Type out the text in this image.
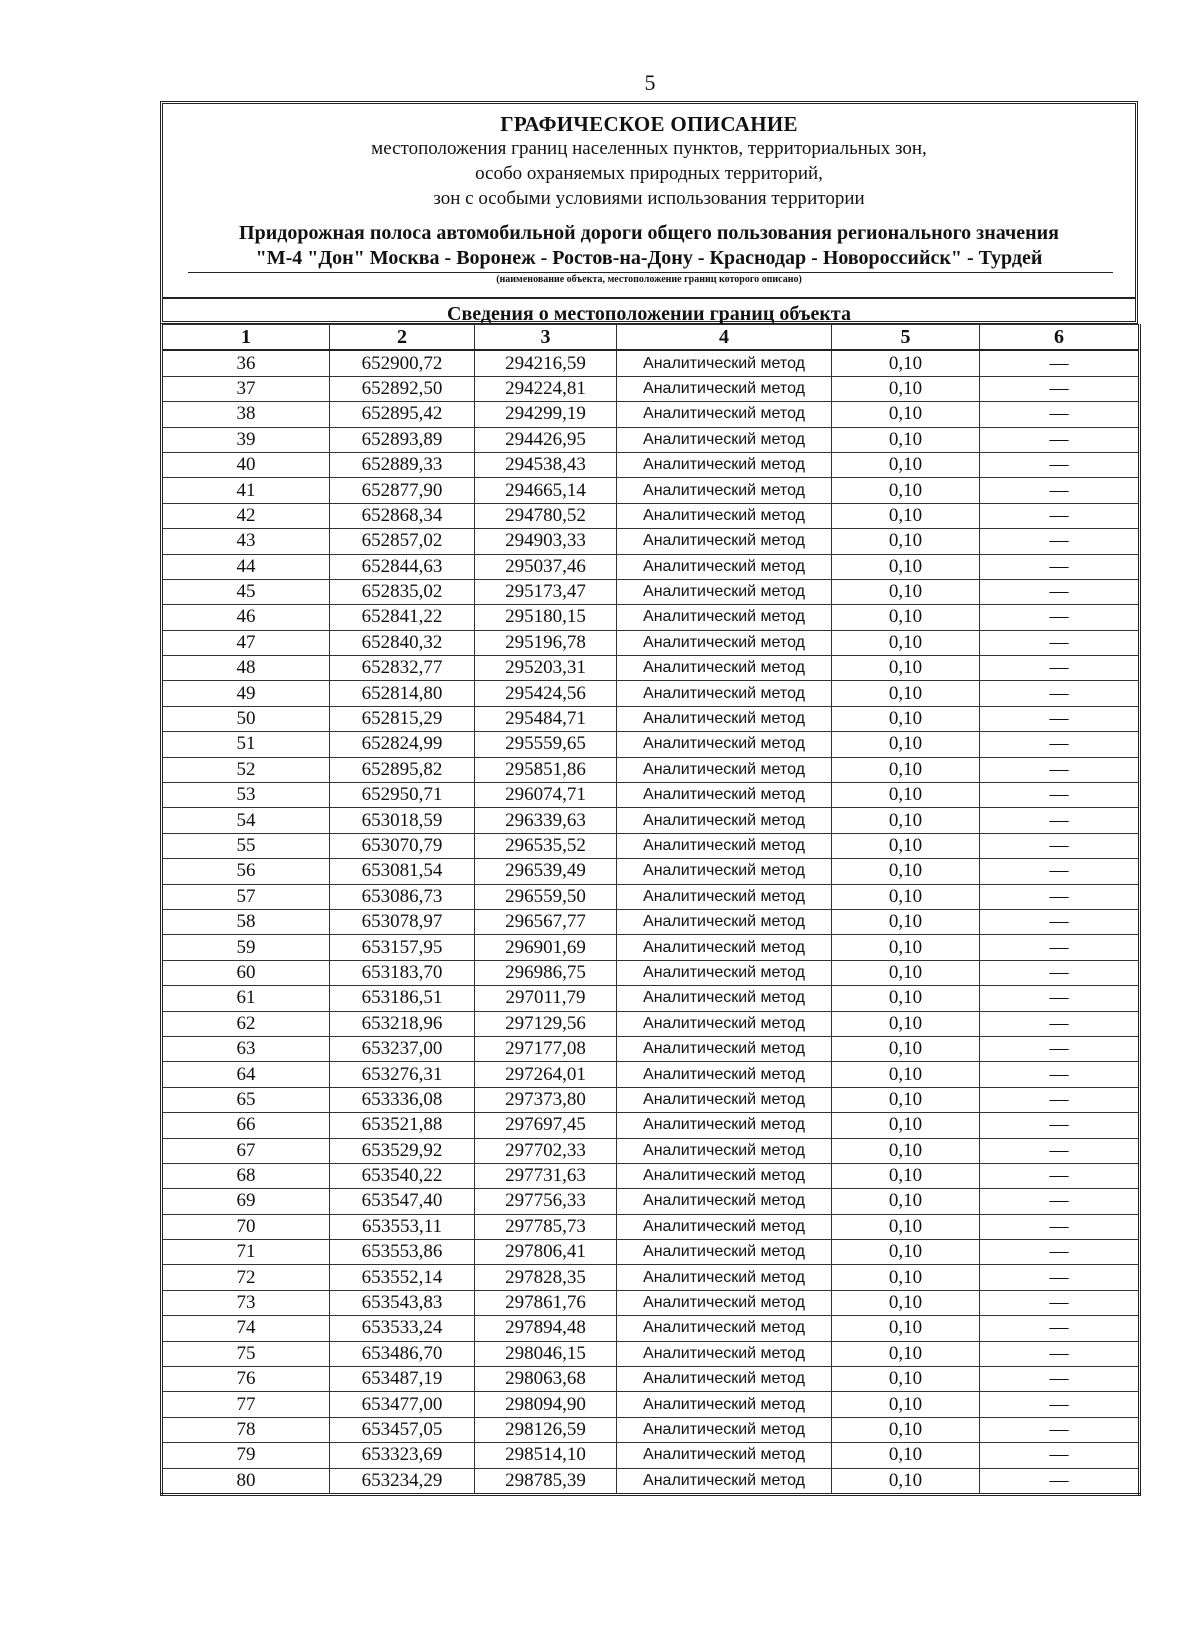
5
ГРАФИЧЕСКОЕ ОПИСАНИЕ
местоположения границ населенных пунктов, территориальных зон,
особо охраняемых природных территорий,
зон с особыми условиями использования территории
Придорожная полоса автомобильной дороги общего пользования регионального значения
"М-4 "Дон" Москва - Воронеж - Ростов-на-Дону - Краснодар - Новороссийск" - Турдей
(наименование объекта, местоположение границ которого описано)
Сведения о местоположении границ объекта
1	2	3	4	5	6
36	652900,72	294216,59	Аналитический метод	0,10	—
37	652892,50	294224,81	Аналитический метод	0,10	—
38	652895,42	294299,19	Аналитический метод	0,10	—
39	652893,89	294426,95	Аналитический метод	0,10	—
40	652889,33	294538,43	Аналитический метод	0,10	—
41	652877,90	294665,14	Аналитический метод	0,10	—
42	652868,34	294780,52	Аналитический метод	0,10	—
43	652857,02	294903,33	Аналитический метод	0,10	—
44	652844,63	295037,46	Аналитический метод	0,10	—
45	652835,02	295173,47	Аналитический метод	0,10	—
46	652841,22	295180,15	Аналитический метод	0,10	—
47	652840,32	295196,78	Аналитический метод	0,10	—
48	652832,77	295203,31	Аналитический метод	0,10	—
49	652814,80	295424,56	Аналитический метод	0,10	—
50	652815,29	295484,71	Аналитический метод	0,10	—
51	652824,99	295559,65	Аналитический метод	0,10	—
52	652895,82	295851,86	Аналитический метод	0,10	—
53	652950,71	296074,71	Аналитический метод	0,10	—
54	653018,59	296339,63	Аналитический метод	0,10	—
55	653070,79	296535,52	Аналитический метод	0,10	—
56	653081,54	296539,49	Аналитический метод	0,10	—
57	653086,73	296559,50	Аналитический метод	0,10	—
58	653078,97	296567,77	Аналитический метод	0,10	—
59	653157,95	296901,69	Аналитический метод	0,10	—
60	653183,70	296986,75	Аналитический метод	0,10	—
61	653186,51	297011,79	Аналитический метод	0,10	—
62	653218,96	297129,56	Аналитический метод	0,10	—
63	653237,00	297177,08	Аналитический метод	0,10	—
64	653276,31	297264,01	Аналитический метод	0,10	—
65	653336,08	297373,80	Аналитический метод	0,10	—
66	653521,88	297697,45	Аналитический метод	0,10	—
67	653529,92	297702,33	Аналитический метод	0,10	—
68	653540,22	297731,63	Аналитический метод	0,10	—
69	653547,40	297756,33	Аналитический метод	0,10	—
70	653553,11	297785,73	Аналитический метод	0,10	—
71	653553,86	297806,41	Аналитический метод	0,10	—
72	653552,14	297828,35	Аналитический метод	0,10	—
73	653543,83	297861,76	Аналитический метод	0,10	—
74	653533,24	297894,48	Аналитический метод	0,10	—
75	653486,70	298046,15	Аналитический метод	0,10	—
76	653487,19	298063,68	Аналитический метод	0,10	—
77	653477,00	298094,90	Аналитический метод	0,10	—
78	653457,05	298126,59	Аналитический метод	0,10	—
79	653323,69	298514,10	Аналитический метод	0,10	—
80	653234,29	298785,39	Аналитический метод	0,10	—
